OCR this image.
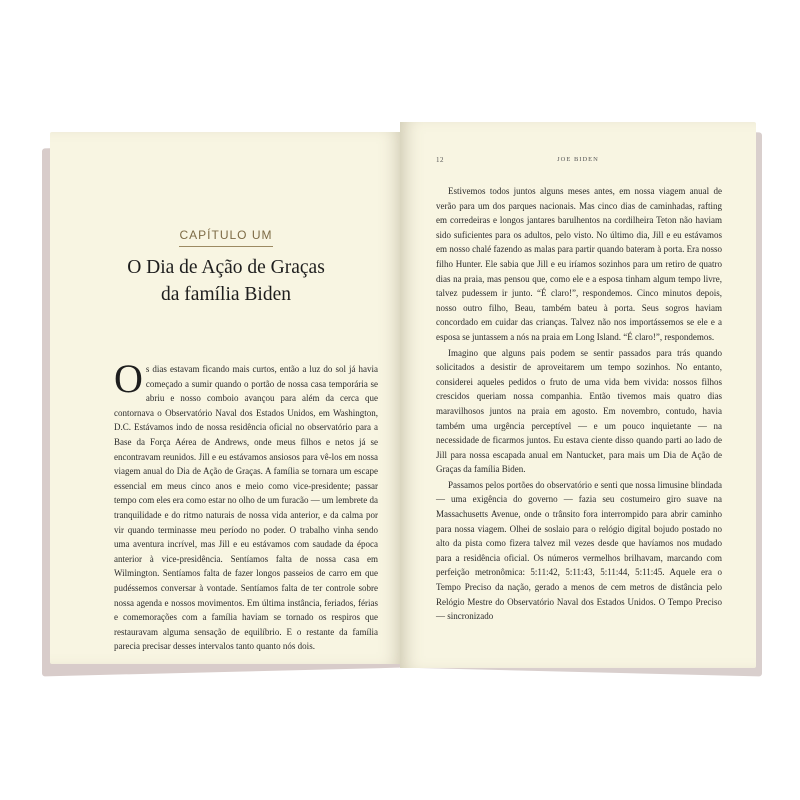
CAPÍTULO UM
O Dia de Ação de Graças
da família Biden
Os dias estavam ficando mais curtos, então a luz do sol já havia começado a sumir quando o portão de nossa casa temporária se abriu e nosso comboio avançou para além da cerca que contornava o Observatório Naval dos Estados Unidos, em Washington, D.C. Estávamos indo de nossa residência oficial no observatório para a Base da Força Aérea de Andrews, onde meus filhos e netos já se encontravam reunidos. Jill e eu estávamos ansiosos para vê-los em nossa viagem anual do Dia de Ação de Graças. A família se tornara um escape essencial em meus cinco anos e meio como vice-presidente; passar tempo com eles era como estar no olho de um furacão — um lembrete da tranquilidade e do ritmo naturais de nossa vida anterior, e da calma por vir quando terminasse meu período no poder. O trabalho vinha sendo uma aventura incrível, mas Jill e eu estávamos com saudade da época anterior à vice-presidência. Sentíamos falta de nossa casa em Wilmington. Sentíamos falta de fazer longos passeios de carro em que pudéssemos conversar à vontade. Sentíamos falta de ter controle sobre nossa agenda e nossos movimentos. Em última instância, feriados, férias e comemorações com a família haviam se tornado os respiros que restauravam alguma sensação de equilíbrio. E o restante da família parecia precisar desses intervalos tanto quanto nós dois.
12	JOE BIDEN

Estivemos todos juntos alguns meses antes, em nossa viagem anual de verão para um dos parques nacionais. Mas cinco dias de caminhadas, rafting em corredeiras e longos jantares barulhentos na cordilheira Teton não haviam sido suficientes para os adultos, pelo visto. No último dia, Jill e eu estávamos em nosso chalé fazendo as malas para partir quando bateram à porta. Era nosso filho Hunter. Ele sabia que Jill e eu iríamos sozinhos para um retiro de quatro dias na praia, mas pensou que, como ele e a esposa tinham algum tempo livre, talvez pudessem ir junto. “É claro!”, respondemos. Cinco minutos depois, nosso outro filho, Beau, também bateu à porta. Seus sogros haviam concordado em cuidar das crianças. Talvez não nos importássemos se ele e a esposa se juntassem a nós na praia em Long Island. “É claro!”, respondemos.

Imagino que alguns pais podem se sentir passados para trás quando solicitados a desistir de aproveitarem um tempo sozinhos. No entanto, considerei aqueles pedidos o fruto de uma vida bem vivida: nossos filhos crescidos queriam nossa companhia. Então tivemos mais quatro dias maravilhosos juntos na praia em agosto. Em novembro, contudo, havia também uma urgência perceptível — e um pouco inquietante — na necessidade de ficarmos juntos. Eu estava ciente disso quando parti ao lado de Jill para nossa escapada anual em Nantucket, para mais um Dia de Ação de Graças da família Biden.

Passamos pelos portões do observatório e senti que nossa limusine blindada — uma exigência do governo — fazia seu costumeiro giro suave na Massachusetts Avenue, onde o trânsito fora interrompido para abrir caminho para nossa viagem. Olhei de soslaio para o relógio digital bojudo postado no alto da pista como fizera talvez mil vezes desde que havíamos nos mudado para a residência oficial. Os números vermelhos brilhavam, marcando com perfeição metronômica: 5:11:42, 5:11:43, 5:11:44, 5:11:45. Aquele era o Tempo Preciso da nação, gerado a menos de cem metros de distância pelo Relógio Mestre do Observatório Naval dos Estados Unidos. O Tempo Preciso — sincronizado
